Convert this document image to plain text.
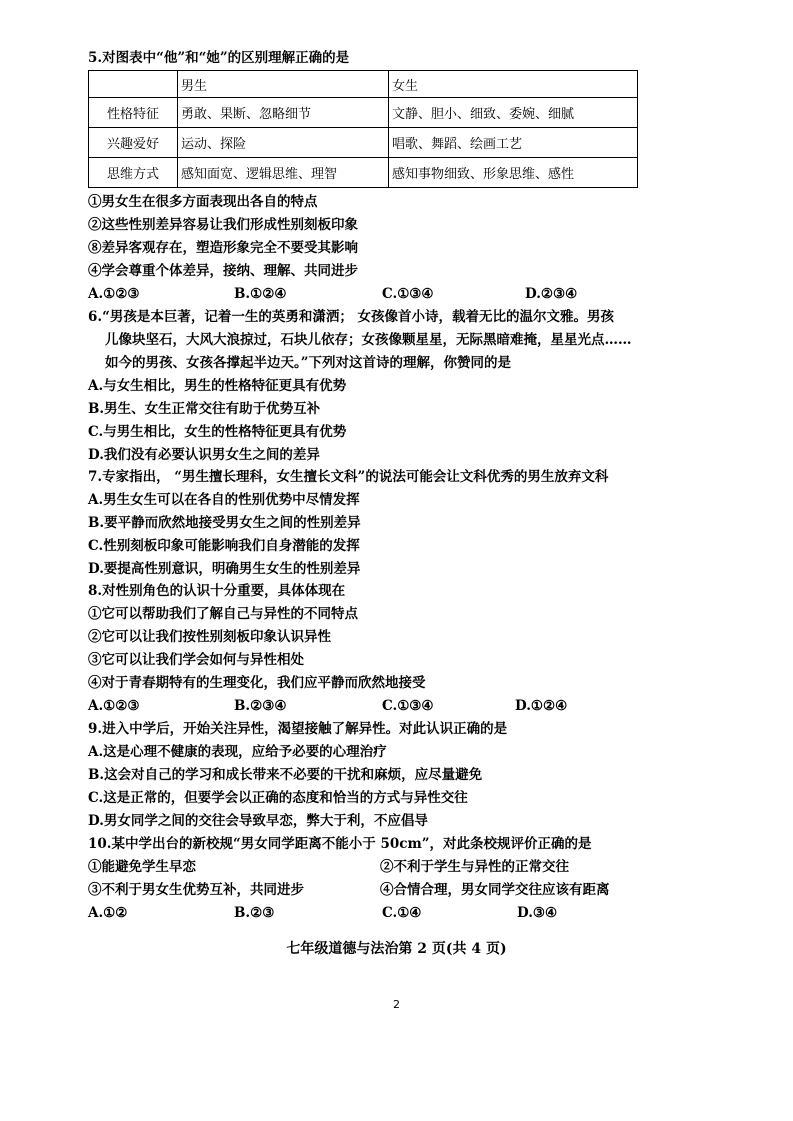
5.对图表中“他”和“她”的区别理解正确的是
	男生	女生
性格特征	勇敢、果断、忽略细节	文静、胆小、细致、委婉、细腻
兴趣爱好	运动、探险	唱歌、舞蹈、绘画工艺
思维方式	感知面宽、逻辑思维、理智	感知事物细致、形象思维、感性
①男女生在很多方面表现出各自的特点
②这些性别差异容易让我们形成性别刻板印象
⑧差异客观存在，塑造形象完全不要受其影响
④学会尊重个体差异，接纳、理解、共同进步
A.①②③	B.①②④	C.①③④	D.②③④
6.“男孩是本巨著，记着一生的英勇和潇洒； 女孩像首小诗，载着无比的温尔文雅。男孩
儿像块坚石，大风大浪掠过，石块儿依存；女孩像颗星星，无际黑暗难掩，星星光点……
如今的男孩、女孩各撑起半边天。”下列对这首诗的理解，你赞同的是
A.与女生相比，男生的性格特征更具有优势
B.男生、女生正常交往有助于优势互补
C.与男生相比，女生的性格特征更具有优势
D.我们没有必要认识男女生之间的差异
7.专家指出， “男生擅长理科，女生擅长文科”的说法可能会让文科优秀的男生放弃文科
A.男生女生可以在各自的性别优势中尽情发挥
B.要平静而欣然地接受男女生之间的性别差异
C.性别刻板印象可能影响我们自身潜能的发挥
D.要提高性别意识，明确男生女生的性别差异
8.对性别角色的认识十分重要，具体体现在
①它可以帮助我们了解自己与异性的不同特点
②它可以让我们按性别刻板印象认识异性
③它可以让我们学会如何与异性相处
④对于青春期特有的生理变化，我们应平静而欣然地接受
A.①②③	B.②③④	C.①③④	D.①②④
9.进入中学后，开始关注异性，渴望接触了解异性。对此认识正确的是
A.这是心理不健康的表现，应给予必要的心理治疗
B.这会对自己的学习和成长带来不必要的干扰和麻烦，应尽量避免
C.这是正常的，但要学会以正确的态度和恰当的方式与异性交往
D.男女同学之间的交往会导致早恋，弊大于利，不应倡导
10.某中学出台的新校规“男女同学距离不能小于 50cm”，对此条校规评价正确的是
①能避免学生早恋	②不利于学生与异性的正常交往
③不利于男女生优势互补，共同进步	④合情合理，男女同学交往应该有距离
A.①②	B.②③	C.①④	D.③④
七年级道德与法治第 2 页(共 4 页)
2
